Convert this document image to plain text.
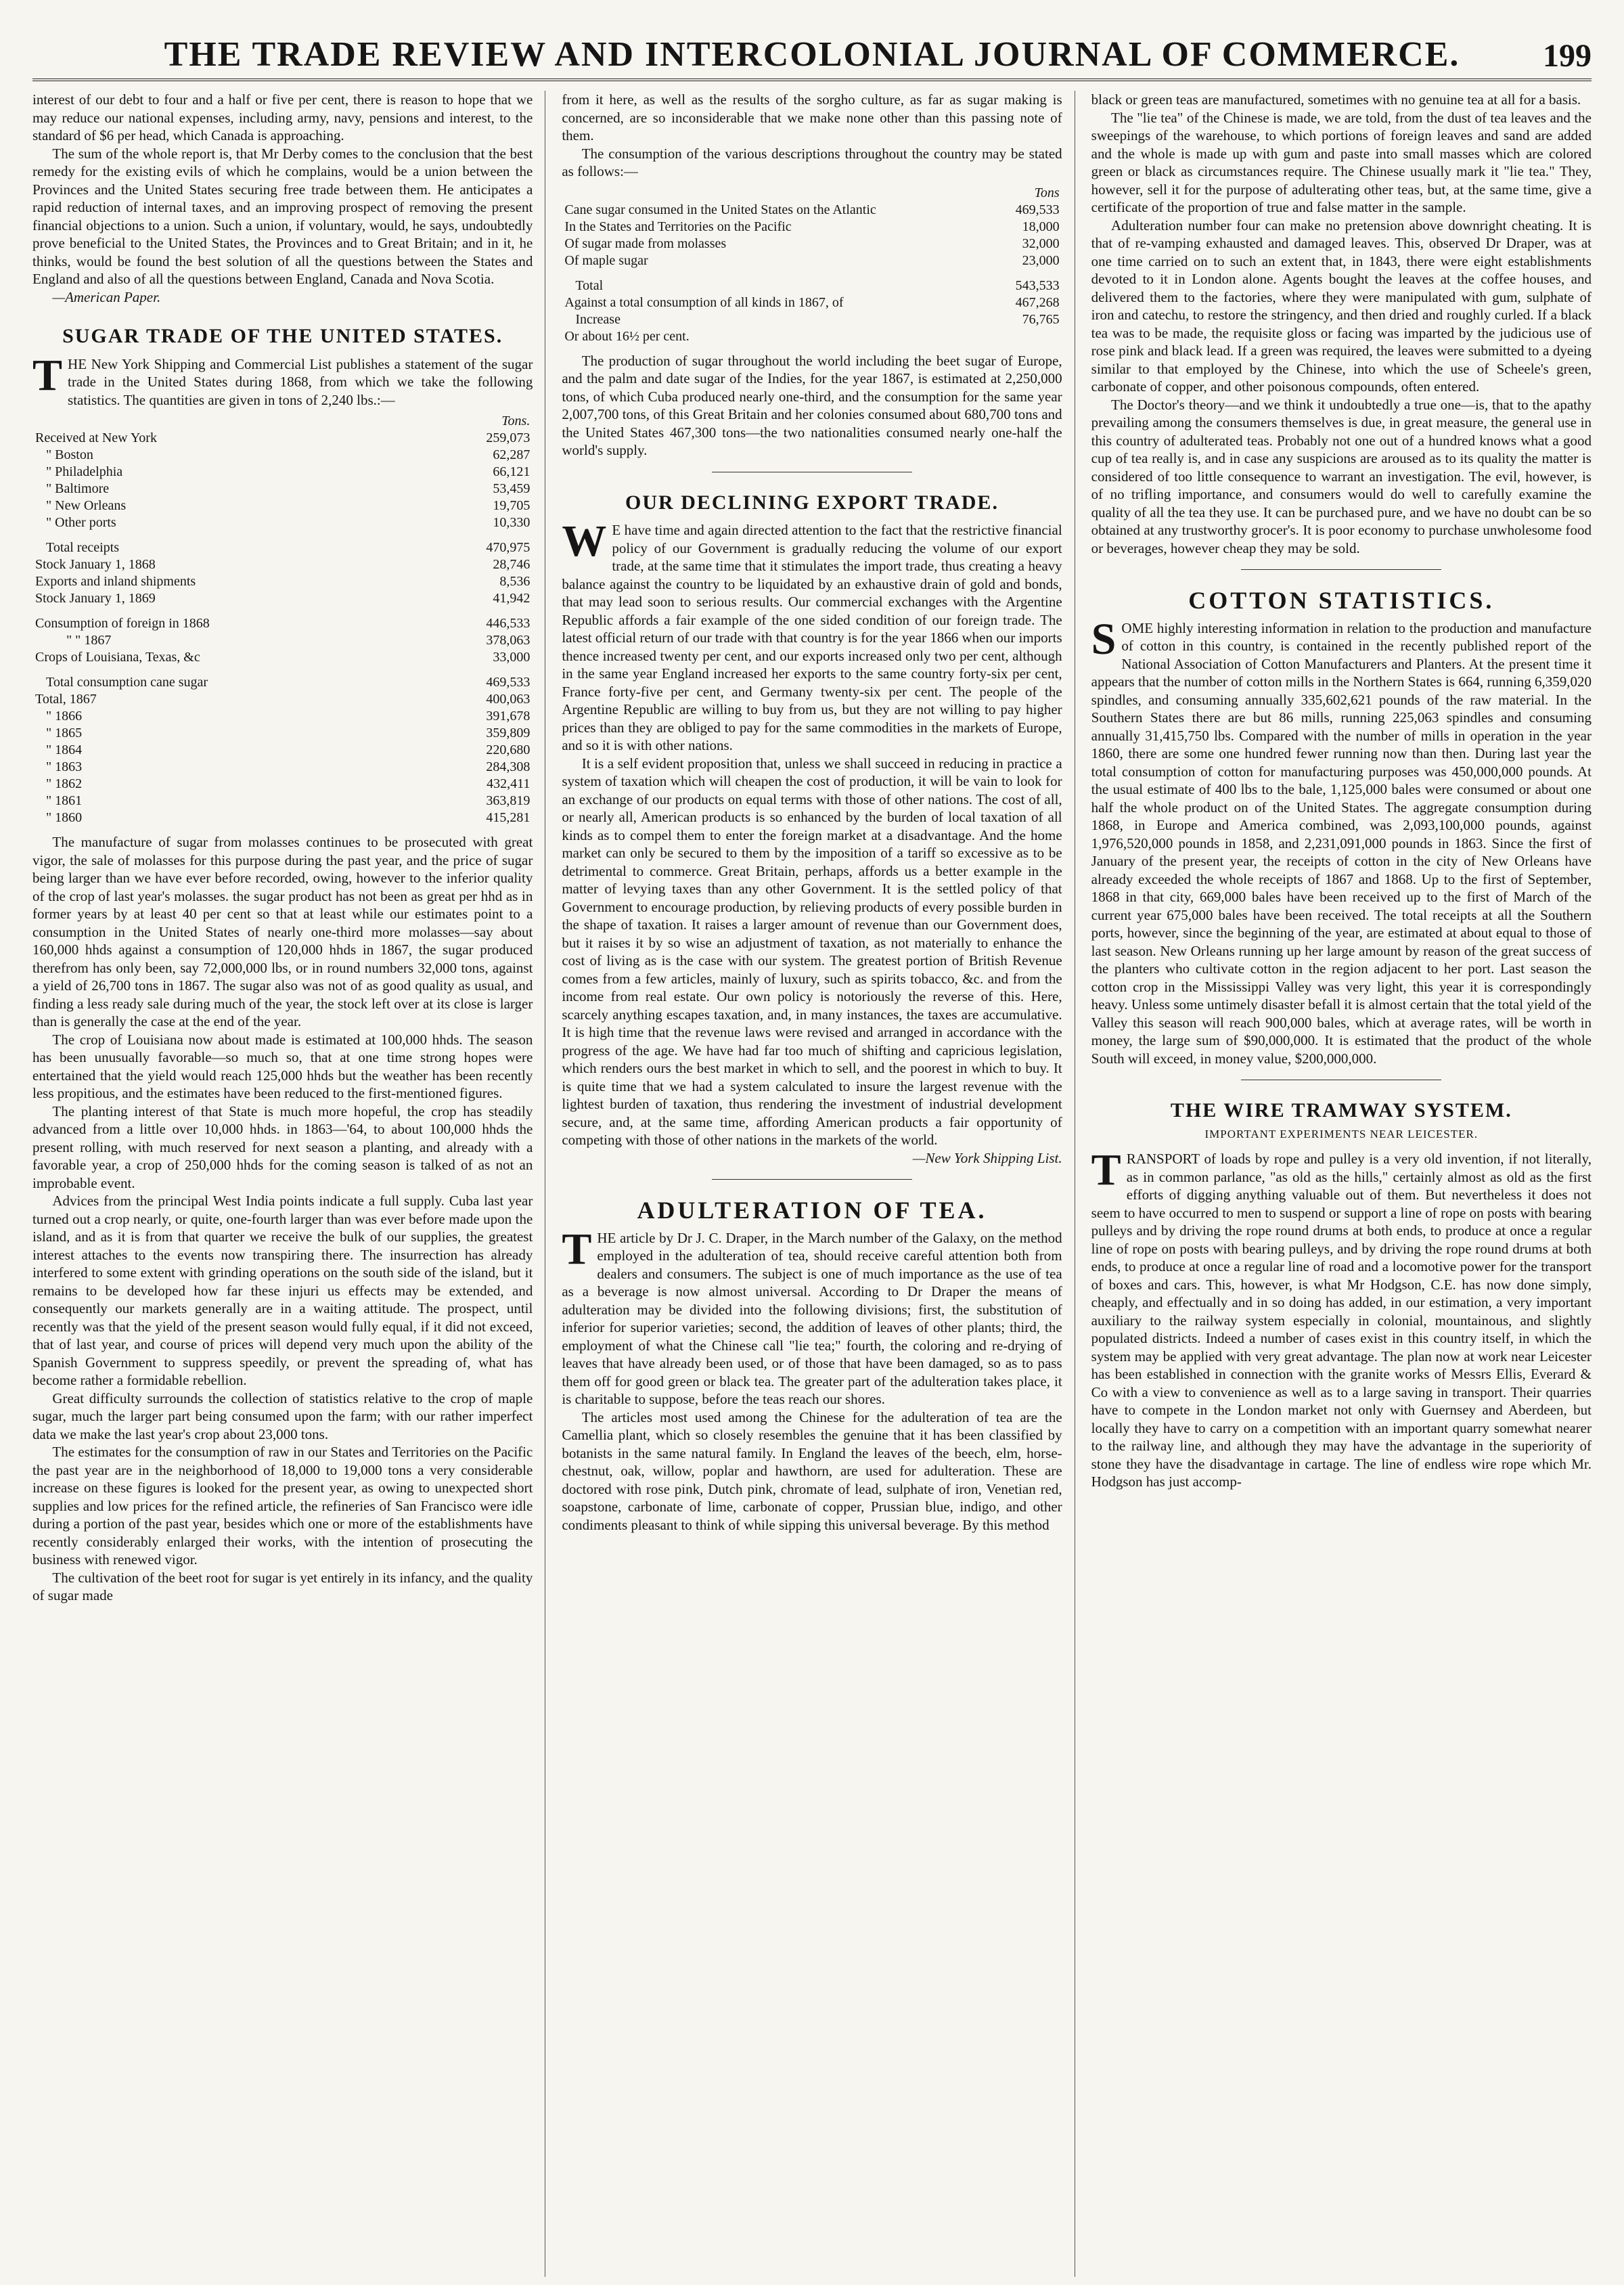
THE TRADE REVIEW AND INTERCOLONIAL JOURNAL OF COMMERCE.	199

interest of our debt to four and a half or five per cent, there is reason to hope that we may reduce our national expenses, including army, navy, pensions and interest, to the standard of $6 per head, which Canada is approaching.

The sum of the whole report is, that Mr Derby comes to the conclusion that the best remedy for the existing evils of which he complains, would be a union between the Provinces and the United States securing free trade between them. He anticipates a rapid reduction of internal taxes, and an improving prospect of removing the present financial objections to a union. Such a union, if voluntary, would, he says, undoubtedly prove beneficial to the United States, the Provinces and to Great Britain; and in it, he thinks, would be found the best solution of all the questions between the States and England and also of all the questions between England, Canada and Nova Scotia.

—American Paper.

SUGAR TRADE OF THE UNITED STATES.

THE New York Shipping and Commercial List publishes a statement of the sugar trade in the United States during 1868, from which we take the following statistics. The quantities are given in tons of 2,240 lbs.:—

	Tons.
Received at New York	259,073
" Boston	62,287
" Philadelphia	66,121
" Baltimore	53,459
" New Orleans	19,705
" Other ports	10,330
Total receipts	470,975
Stock January 1, 1868	28,746
Exports and inland shipments	8,536
Stock January 1, 1869	41,942
Consumption of foreign in 1868	446,533
" " 1867	378,063
Crops of Louisiana, Texas, &c	33,000
Total consumption cane sugar	469,533
Total, 1867	400,063
" 1866	391,678
" 1865	359,809
" 1864	220,680
" 1863	284,308
" 1862	432,411
" 1861	363,819
" 1860	415,281

The manufacture of sugar from molasses continues to be prosecuted with great vigor, the sale of molasses for this purpose during the past year, and the price of sugar being larger than we have ever before recorded, owing, however to the inferior quality of the crop of last year's molasses. the sugar product has not been as great per hhd as in former years by at least 40 per cent so that at least while our estimates point to a consumption in the United States of nearly one-third more molasses—say about 160,000 hhds against a consumption of 120,000 hhds in 1867, the sugar produced therefrom has only been, say 72,000,000 lbs, or in round numbers 32,000 tons, against a yield of 26,700 tons in 1867. The sugar also was not of as good quality as usual, and finding a less ready sale during much of the year, the stock left over at its close is larger than is generally the case at the end of the year.

The crop of Louisiana now about made is estimated at 100,000 hhds. The season has been unusually favorable—so much so, that at one time strong hopes were entertained that the yield would reach 125,000 hhds but the weather has been recently less propitious, and the estimates have been reduced to the first-mentioned figures.

The planting interest of that State is much more hopeful, the crop has steadily advanced from a little over 10,000 hhds. in 1863—'64, to about 100,000 hhds the present rolling, with much reserved for next season a planting, and already with a favorable year, a crop of 250,000 hhds for the coming season is talked of as not an improbable event.

Advices from the principal West India points indicate a full supply. Cuba last year turned out a crop nearly, or quite, one-fourth larger than was ever before made upon the island, and as it is from that quarter we receive the bulk of our supplies, the greatest interest attaches to the events now transpiring there. The insurrection has already interfered to some extent with grinding operations on the south side of the island, but it remains to be developed how far these injuri us effects may be extended, and consequently our markets generally are in a waiting attitude. The prospect, until recently was that the yield of the present season would fully equal, if it did not exceed, that of last year, and course of prices will depend very much upon the ability of the Spanish Government to suppress speedily, or prevent the spreading of, what has become rather a formidable rebellion.

Great difficulty surrounds the collection of statistics relative to the crop of maple sugar, much the larger part being consumed upon the farm; with our rather imperfect data we make the last year's crop about 23,000 tons.

The estimates for the consumption of raw in our States and Territories on the Pacific the past year are in the neighborhood of 18,000 to 19,000 tons a very considerable increase on these figures is looked for the present year, as owing to unexpected short supplies and low prices for the refined article, the refineries of San Francisco were idle during a portion of the past year, besides which one or more of the establishments have recently considerably enlarged their works, with the intention of prosecuting the business with renewed vigor.

The cultivation of the beet root for sugar is yet entirely in its infancy, and the quality of sugar made

from it here, as well as the results of the sorgho culture, as far as sugar making is concerned, are so inconsiderable that we make none other than this passing note of them.

The consumption of the various descriptions throughout the country may be stated as follows:—

	Tons
Cane sugar consumed in the United States on the Atlantic	469,533
In the States and Territories on the Pacific	18,000
Of sugar made from molasses	32,000
Of maple sugar	23,000
Total	543,533
Against a total consumption of all kinds in 1867, of	467,268
Increase	76,765
Or about 16½ per cent.	

The production of sugar throughout the world including the beet sugar of Europe, and the palm and date sugar of the Indies, for the year 1867, is estimated at 2,250,000 tons, of which Cuba produced nearly one-third, and the consumption for the same year 2,007,700 tons, of this Great Britain and her colonies consumed about 680,700 tons and the United States 467,300 tons—the two nationalities consumed nearly one-half the world's supply.

OUR DECLINING EXPORT TRADE.

W E have time and again directed attention to the fact that the restrictive financial policy of our Government is gradually reducing the volume of our export trade, at the same time that it stimulates the import trade, thus creating a heavy balance against the country to be liquidated by an exhaustive drain of gold and bonds, that may lead soon to serious results. Our commercial exchanges with the Argentine Republic affords a fair example of the one sided condition of our foreign trade. The latest official return of our trade with that country is for the year 1866 when our imports thence increased twenty per cent, and our exports increased only two per cent, although in the same year England increased her exports to the same country forty-six per cent, France forty-five per cent, and Germany twenty-six per cent. The people of the Argentine Republic are willing to buy from us, but they are not willing to pay higher prices than they are obliged to pay for the same commodities in the markets of Europe, and so it is with other nations.

It is a self evident proposition that, unless we shall succeed in reducing in practice a system of taxation which will cheapen the cost of production, it will be vain to look for an exchange of our products on equal terms with those of other nations. The cost of all, or nearly all, American products is so enhanced by the burden of local taxation of all kinds as to compel them to enter the foreign market at a disadvantage. And the home market can only be secured to them by the imposition of a tariff so excessive as to be detrimental to commerce. Great Britain, perhaps, affords us a better example in the matter of levying taxes than any other Government. It is the settled policy of that Government to encourage production, by relieving products of every possible burden in the shape of taxation. It raises a larger amount of revenue than our Government does, but it raises it by so wise an adjustment of taxation, as not materially to enhance the cost of living as is the case with our system. The greatest portion of British Revenue comes from a few articles, mainly of luxury, such as spirits tobacco, &c. and from the income from real estate. Our own policy is notoriously the reverse of this. Here, scarcely anything escapes taxation, and, in many instances, the taxes are accumulative. It is high time that the revenue laws were revised and arranged in accordance with the progress of the age. We have had far too much of shifting and capricious legislation, which renders ours the best market in which to sell, and the poorest in which to buy. It is quite time that we had a system calculated to insure the largest revenue with the lightest burden of taxation, thus rendering the investment of industrial development secure, and, at the same time, affording American products a fair opportunity of competing with those of other nations in the markets of the world.

—New York Shipping List.

ADULTERATION OF TEA.

THE article by Dr J. C. Draper, in the March number of the Galaxy, on the method employed in the adulteration of tea, should receive careful attention both from dealers and consumers. The subject is one of much importance as the use of tea as a beverage is now almost universal. According to Dr Draper the means of adulteration may be divided into the following divisions; first, the substitution of inferior for superior varieties; second, the addition of leaves of other plants; third, the employment of what the Chinese call "lie tea;" fourth, the coloring and re-drying of leaves that have already been used, or of those that have been damaged, so as to pass them off for good green or black tea. The greater part of the adulteration takes place, it is charitable to suppose, before the teas reach our shores.

The articles most used among the Chinese for the adulteration of tea are the Camellia plant, which so closely resembles the genuine that it has been classified by botanists in the same natural family. In England the leaves of the beech, elm, horse-chestnut, oak, willow, poplar and hawthorn, are used for adulteration. These are doctored with rose pink, Dutch pink, chromate of lead, sulphate of iron, Venetian red, soapstone, carbonate of lime, carbonate of copper, Prussian blue, indigo, and other condiments pleasant to think of while sipping this universal beverage. By this method

black or green teas are manufactured, sometimes with no genuine tea at all for a basis.

The "lie tea" of the Chinese is made, we are told, from the dust of tea leaves and the sweepings of the warehouse, to which portions of foreign leaves and sand are added and the whole is made up with gum and paste into small masses which are colored green or black as circumstances require. The Chinese usually mark it "lie tea." They, however, sell it for the purpose of adulterating other teas, but, at the same time, give a certificate of the proportion of true and false matter in the sample.

Adulteration number four can make no pretension above downright cheating. It is that of re-vamping exhausted and damaged leaves. This, observed Dr Draper, was at one time carried on to such an extent that, in 1843, there were eight establishments devoted to it in London alone. Agents bought the leaves at the coffee houses, and delivered them to the factories, where they were manipulated with gum, sulphate of iron and catechu, to restore the stringency, and then dried and roughly curled. If a black tea was to be made, the requisite gloss or facing was imparted by the judicious use of rose pink and black lead. If a green was required, the leaves were submitted to a dyeing similar to that employed by the Chinese, into which the use of Scheele's green, carbonate of copper, and other poisonous compounds, often entered.

The Doctor's theory—and we think it undoubtedly a true one—is, that to the apathy prevailing among the consumers themselves is due, in great measure, the general use in this country of adulterated teas. Probably not one out of a hundred knows what a good cup of tea really is, and in case any suspicions are aroused as to its quality the matter is considered of too little consequence to warrant an investigation. The evil, however, is of no trifling importance, and consumers would do well to carefully examine the quality of all the tea they use. It can be purchased pure, and we have no doubt can be so obtained at any trustworthy grocer's. It is poor economy to purchase unwholesome food or beverages, however cheap they may be sold.

COTTON STATISTICS.

SOME highly interesting information in relation to the production and manufacture of cotton in this country, is contained in the recently published report of the National Association of Cotton Manufacturers and Planters. At the present time it appears that the number of cotton mills in the Northern States is 664, running 6,359,020 spindles, and consuming annually 335,602,621 pounds of the raw material. In the Southern States there are but 86 mills, running 225,063 spindles and consuming annually 31,415,750 lbs. Compared with the number of mills in operation in the year 1860, there are some one hundred fewer running now than then. During last year the total consumption of cotton for manufacturing purposes was 450,000,000 pounds. At the usual estimate of 400 lbs to the bale, 1,125,000 bales were consumed or about one half the whole product on of the United States. The aggregate consumption during 1868, in Europe and America combined, was 2,093,100,000 pounds, against 1,976,520,000 pounds in 1858, and 2,231,091,000 pounds in 1863. Since the first of January of the present year, the receipts of cotton in the city of New Orleans have already exceeded the whole receipts of 1867 and 1868. Up to the first of September, 1868 in that city, 669,000 bales have been received up to the first of March of the current year 675,000 bales have been received. The total receipts at all the Southern ports, however, since the beginning of the year, are estimated at about equal to those of last season. New Orleans running up her large amount by reason of the great success of the planters who cultivate cotton in the region adjacent to her port. Last season the cotton crop in the Mississippi Valley was very light, this year it is correspondingly heavy. Unless some untimely disaster befall it is almost certain that the total yield of the Valley this season will reach 900,000 bales, which at average rates, will be worth in money, the large sum of $90,000,000. It is estimated that the product of the whole South will exceed, in money value, $200,000,000.

THE WIRE TRAMWAY SYSTEM.
IMPORTANT EXPERIMENTS NEAR LEICESTER.

TRANSPORT of loads by rope and pulley is a very old invention, if not literally, as in common parlance, "as old as the hills," certainly almost as old as the first efforts of digging anything valuable out of them. But nevertheless it does not seem to have occurred to men to suspend or support a line of rope on posts with bearing pulleys and by driving the rope round drums at both ends, to produce at once a regular line of rope on posts with bearing pulleys, and by driving the rope round drums at both ends, to produce at once a regular line of road and a locomotive power for the transport of boxes and cars. This, however, is what Mr Hodgson, C.E. has now done simply, cheaply, and effectually and in so doing has added, in our estimation, a very important auxiliary to the railway system especially in colonial, mountainous, and slightly populated districts. Indeed a number of cases exist in this country itself, in which the system may be applied with very great advantage. The plan now at work near Leicester has been established in connection with the granite works of Messrs Ellis, Everard & Co with a view to convenience as well as to a large saving in transport. Their quarries have to compete in the London market not only with Guernsey and Aberdeen, but locally they have to carry on a competition with an important quarry somewhat nearer to the railway line, and although they may have the advantage in the superiority of stone they have the disadvantage in cartage. The line of endless wire rope which Mr. Hodgson has just accomp-
